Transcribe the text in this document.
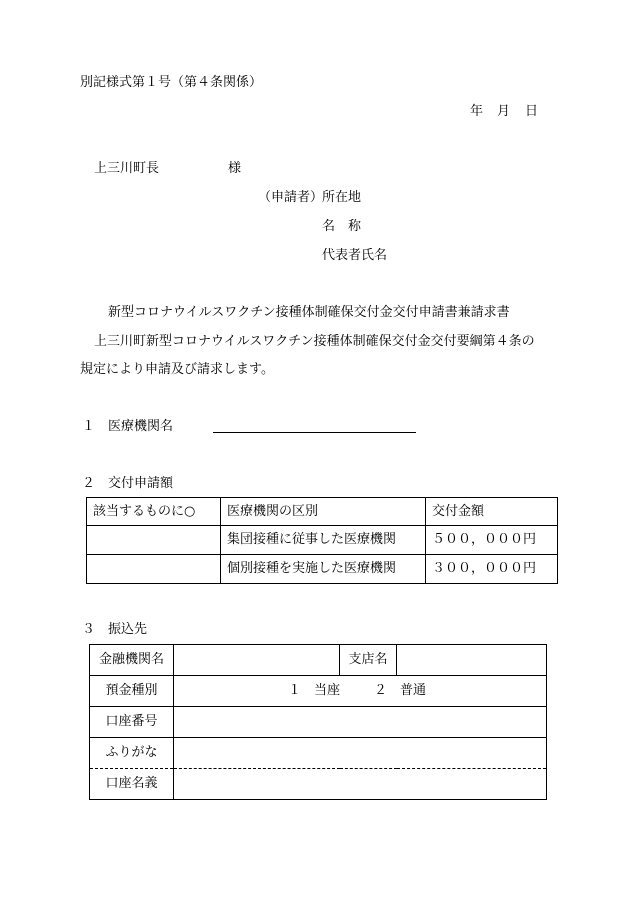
別記様式第１号（第４条関係）
年 月 日
上三川町長	様
（申請者）
所在地
名　称
代表者氏名
新型コロナウイルスワクチン接種体制確保交付金交付申請書兼請求書
上三川町新型コロナウイルスワクチン接種体制確保交付金交付要綱第４条の
規定により申請及び請求します。
１ 医療機関名
２ 交付申請額
該当するものに○	医療機関の区別	交付金額
	集団接種に従事した医療機関	５００，０００円
	個別接種を実施した医療機関	３００，０００円
３ 振込先
金融機関名		支店名	
預金種別	１　当座 ２　普通		

口座番号			
ふりがな			
口座名義			
